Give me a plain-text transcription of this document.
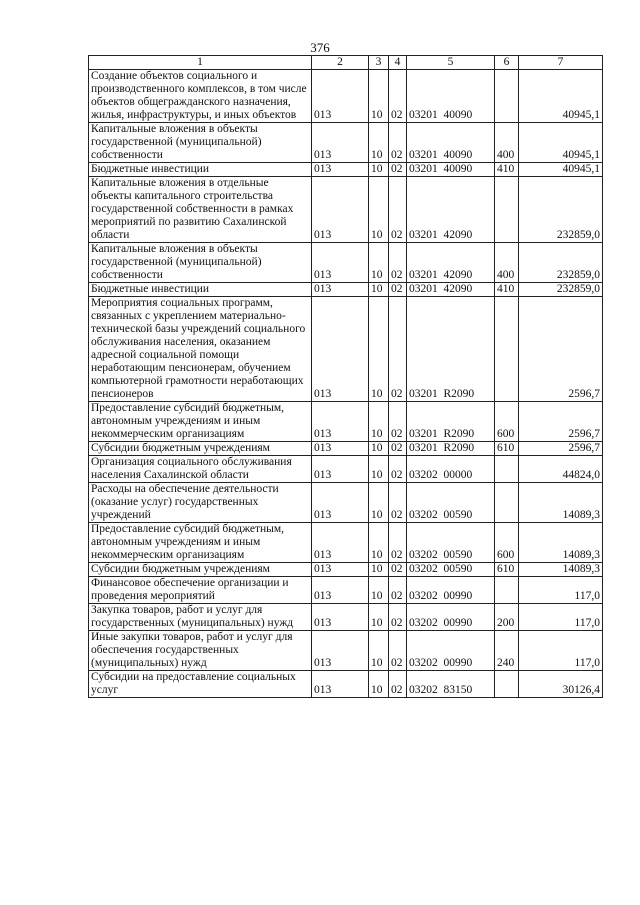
376
1	2	3	4	5	6	7
Создание объектов социального и производственного комплексов, в том числе объектов общегражданского назначения, жилья, инфраструктуры, и иных объектов	013	10	02	03201  40090		40945,1
Капитальные вложения в объекты государственной (муниципальной) собственности	013	10	02	03201  40090	400	40945,1
Бюджетные инвестиции	013	10	02	03201  40090	410	40945,1
Капитальные вложения в отдельные объекты капитального строительства государственной собственности в рамках мероприятий по развитию Сахалинской области	013	10	02	03201  42090		232859,0
Капитальные вложения в объекты государственной (муниципальной) собственности	013	10	02	03201  42090	400	232859,0
Бюджетные инвестиции	013	10	02	03201  42090	410	232859,0
Мероприятия социальных программ, связанных с укреплением материально-технической базы учреждений социального обслуживания населения, оказанием адресной социальной помощи неработающим пенсионерам, обучением компьютерной грамотности неработающих пенсионеров	013	10	02	03201  R2090		2596,7
Предоставление субсидий бюджетным, автономным учреждениям и иным некоммерческим организациям	013	10	02	03201  R2090	600	2596,7
Субсидии бюджетным учреждениям	013	10	02	03201  R2090	610	2596,7
Организация социального обслуживания населения Сахалинской области	013	10	02	03202  00000		44824,0
Расходы на обеспечение деятельности (оказание услуг) государственных учреждений	013	10	02	03202  00590		14089,3
Предоставление субсидий бюджетным, автономным учреждениям и иным некоммерческим организациям	013	10	02	03202  00590	600	14089,3
Субсидии бюджетным учреждениям	013	10	02	03202  00590	610	14089,3
Финансовое обеспечение организации и проведения мероприятий	013	10	02	03202  00990		117,0
Закупка товаров, работ и услуг для государственных (муниципальных) нужд	013	10	02	03202  00990	200	117,0
Иные закупки товаров, работ и услуг для обеспечения государственных (муниципальных) нужд	013	10	02	03202  00990	240	117,0
Субсидии на предоставление социальных услуг	013	10	02	03202  83150		30126,4
